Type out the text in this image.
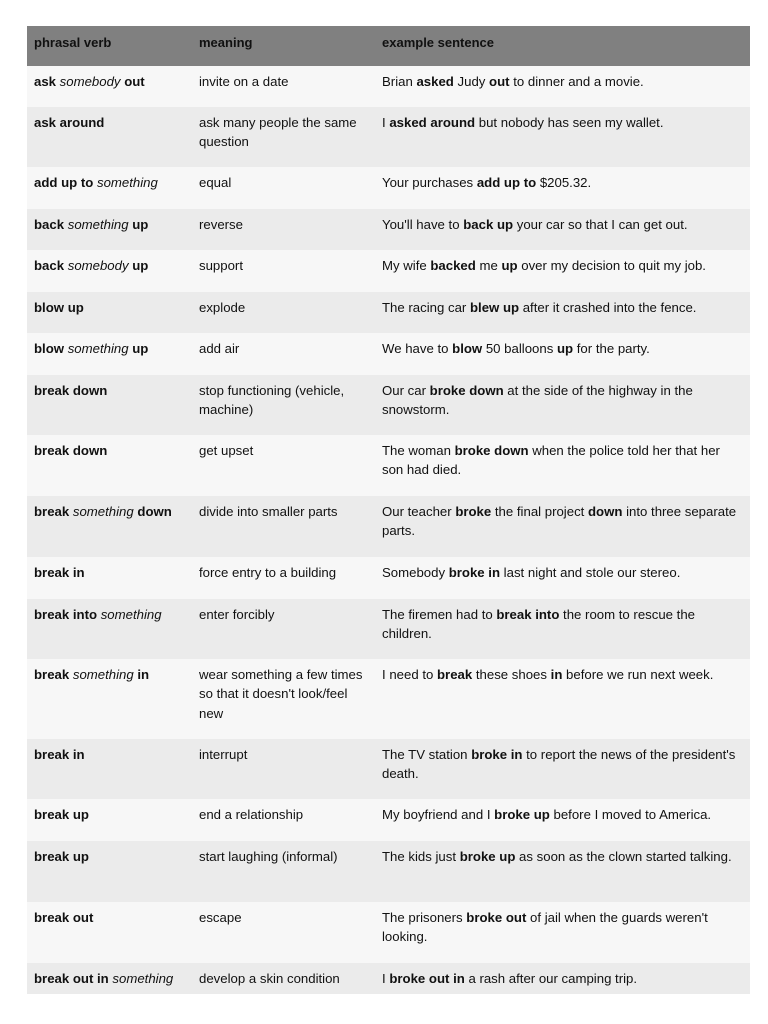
phrasal verb	meaning	example sentence
ask somebody out	invite on a date	Brian asked Judy out to dinner and a movie.
ask around	ask many people the same question	I asked around but nobody has seen my wallet.
add up to something	equal	Your purchases add up to $205.32.
back something up	reverse	You'll have to back up your car so that I can get out.
back somebody up	support	My wife backed me up over my decision to quit my job.
blow up	explode	The racing car blew up after it crashed into the fence.
blow something up	add air	We have to blow 50 balloons up for the party.
break down	stop functioning (vehicle, machine)	Our car broke down at the side of the highway in the snowstorm.
break down	get upset	The woman broke down when the police told her that her son had died.
break something down	divide into smaller parts	Our teacher broke the final project down into three separate parts.
break in	force entry to a building	Somebody broke in last night and stole our stereo.
break into something	enter forcibly	The firemen had to break into the room to rescue the children.
break something in	wear something a few times so that it doesn't look/feel new	I need to break these shoes in before we run next week.
break in	interrupt	The TV station broke in to report the news of the president's death.
break up	end a relationship	My boyfriend and I broke up before I moved to America.
break up	start laughing (informal)	The kids just broke up as soon as the clown started talking.
break out	escape	The prisoners broke out of jail when the guards weren't looking.
break out in something	develop a skin condition	I broke out in a rash after our camping trip.
